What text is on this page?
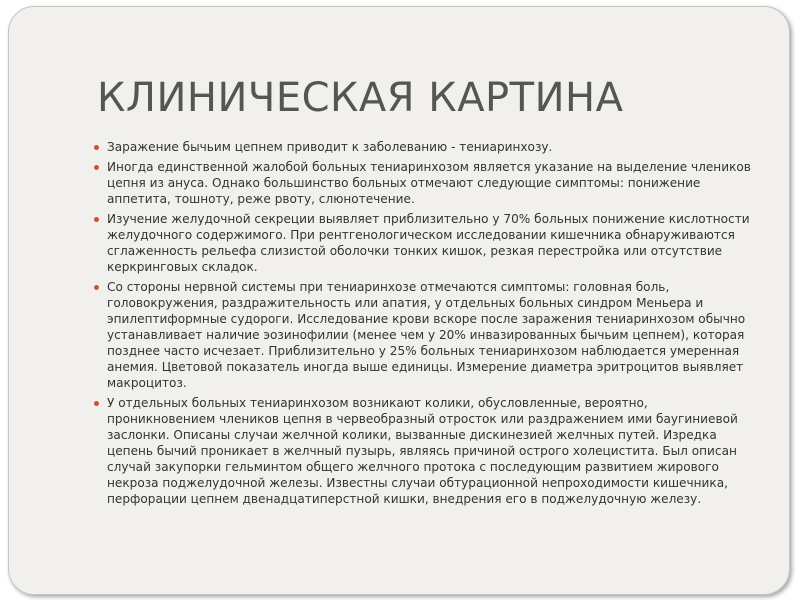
КЛИНИЧЕСКАЯ КАРТИНА
Заражение бычьим цепнем приводит к заболеванию - тениаринхозу.
Иногда единственной жалобой больных тениаринхозом является указание на выделение члеников цепня из ануса. Однако большинство больных отмечают следующие симптомы: понижение аппетита, тошноту, реже рвоту, слюнотечение.
Изучение желудочной секреции выявляет приблизительно у 70% больных понижение кислотности желудочного содержимого. При рентгенологическом исследовании кишечника обнаруживаются сглаженность рельефа слизистой оболочки тонких кишок, резкая перестройка или отсутствие керкринговых складок.
Со стороны нервной системы при тениаринхозе отмечаются симптомы: головная боль, головокружения, раздражительность или апатия, у отдельных больных синдром Меньера и эпилептиформные судороги. Исследование крови вскоре после заражения тениаринхозом обычно устанавливает наличие эозинофилии (менее чем у 20% инвазированных бычьим цепнем), которая позднее часто исчезает. Приблизительно у 25% больных тениаринхозом наблюдается умеренная анемия. Цветовой показатель иногда выше единицы. Измерение диаметра эритроцитов выявляет макроцитоз.
У отдельных больных тениаринхозом возникают колики, обусловленные, вероятно, проникновением члеников цепня в червеобразный отросток или раздражением ими баугиниевой заслонки. Описаны случаи желчной колики, вызванные дискинезией желчных путей. Изредка цепень бычий проникает в желчный пузырь, являясь причиной острого холецистита. Был описан случай закупорки гельминтом общего желчного протока с последующим развитием жирового некроза поджелудочной железы. Известны случаи обтурационной непроходимости кишечника, перфорации цепнем двенадцатиперстной кишки, внедрения его в поджелудочную железу.
